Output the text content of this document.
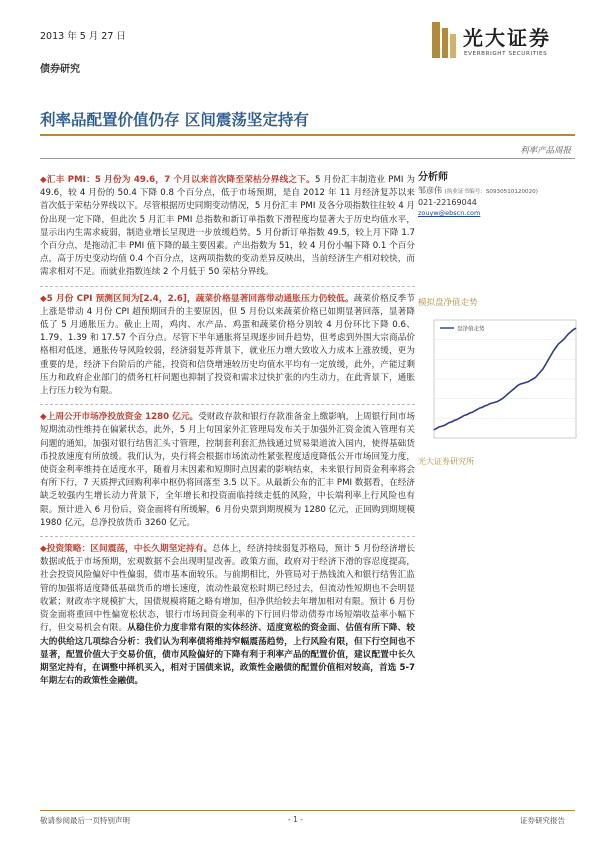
2013 年 5 月 27 日
债券研究
光大证券
EVERBRIGHT SECURITIES
利率品配置价值仍存 区间震荡坚定持有
利率产品周报

◆汇丰 PMI：5 月份为 49.6，7 个月以来首次降至荣枯分界线之下。5 月份汇丰制造业 PMI 为 49.6，较 4 月份的 50.4 下降 0.8 个百分点，低于市场预期，是自 2012 年 11 月经济复苏以来首次低于荣枯分界线以下。尽管根据历史同期变动情况，5 月份汇丰 PMI 及各分项指数往往较 4 月份出现一定下降，但此次 5 月汇丰 PMI 总指数和新订单指数下滑程度均显著大于历史均值水平，显示出内生需求疲弱，制造业增长呈现进一步放缓趋势。5 月份新订单指数 49.5，较上月下降 1.7 个百分点，是拖动汇丰 PMI 值下降的最主要因素。产出指数为 51，较 4 月份小幅下降 0.1 个百分点，高于历史变动均值 0.4 个百分点，这两项指数的变动差异反映出，当前经济生产相对较快，而需求相对不足。而就业指数连续 2 个月低于 50 荣枯分界线。

◆5 月份 CPI 预测区间为[2.4，2.6]，蔬菜价格显著回落带动通胀压力仍较低。蔬菜价格反季节上涨是带动 4 月份 CPI 超预期回升的主要原因，但 5 月份以来蔬菜价格已如期显著回落，显著降低了 5 月通胀压力。截止上周，鸡肉、水产品、鸡蛋和蔬菜价格分别较 4 月份环比下降 0.6、1.79、1.39 和 17.57 个百分点。尽管下半年通胀将呈现逐步回升趋势，但考虑到外围大宗商品价格相对低迷，通胀传导风险较弱，经济弱复苏背景下，就业压力增大致收入力成本上涨放缓，更为重要的是，经济下台阶后的产能，投资和信贷增速较历史均值水平均有一定放缓，此外，产能过剩压力和政府企业部门的债务杠杆问题也抑制了投资和需求过快扩张的内生动力，在此背景下，通胀上行压力较为有限。

◆上周公开市场净投放资金 1280 亿元。受财政存款和银行存款准备金上缴影响，上周银行间市场短期流动性维持在偏紧状态，此外，5 月上旬国家外汇管理局发布关于加强外汇资金流入管理有关问题的通知，加强对银行结售汇头寸管理，控制套利套汇热钱通过贸易渠道流入国内，使得基础货币投放速度有所放缓。我们认为，央行将会根据市场流动性紧张程度适度降低公开市场回笼力度，使资金利率维持在适度水平，随着月末因素和短期时点因素的影响结束，未来银行间资金利率将会有所下行，7 天质押式回购利率中枢仍将回落至 3.5 以下。从最新公布的汇丰 PMI 数据看，在经济缺乏较强内生增长动力背景下，全年增长和投资面临持续走低的风险，中长端利率上行风险也有限。预计进入 6 月份后，资金面将有所缓解，6 月份央票到期规模为 1280 亿元，正回购到期规模 1980 亿元，总净投放货币 3260 亿元。

◆投资策略：区间震荡，中长久期坚定持有。总体上，经济持续弱复苏格局，预计 5 月份经济增长数据或低于市场预期，宏观数据不会出现明显改善。政策方面，政府对于经济下滑的容忍度提高，社会投资风险偏好中性偏弱，债市基本面较乐。与前期相比，外管局对于热钱流入和银行结售汇监管的加强将适度降低基础货币的增长速度，流动性最宽松时期已经过去，但流动性短期也不会明显收紧；财政赤字规模扩大，国债规模将随之略有增加，但净供给较去年增加相对有限。预计 6 月份资金面将重回中性偏宽松状态，银行市场间资金利率的下行回归带动债券市场短端收益率小幅下行，但交易机会有限。从稳住价力度非常有限的实体经济、适度宽松的资金面、估值有所下降、较大的供给这几项综合分析：我们认为利率债将维持窄幅震荡趋势，上行风险有限，但下行空间也不显著，配置价值大于交易价值，债市风险偏好的下降有利于利率产品的配置价值，建议配置中长久期坚定持有，在调整中择机买入，相对于国债来说，政策性金融债的配置价值相对较高，首选 5-7 年期左右的政策性金融债。

分析师
邹彦伟 (执业证书编号：S0930510120020)
021-22169044
zouyw@ebscn.com
模拟盘净值走势
盘净值走势
光大证券研究所
敬请参阅最后一页特别声明	- 1 -	证券研究报告
